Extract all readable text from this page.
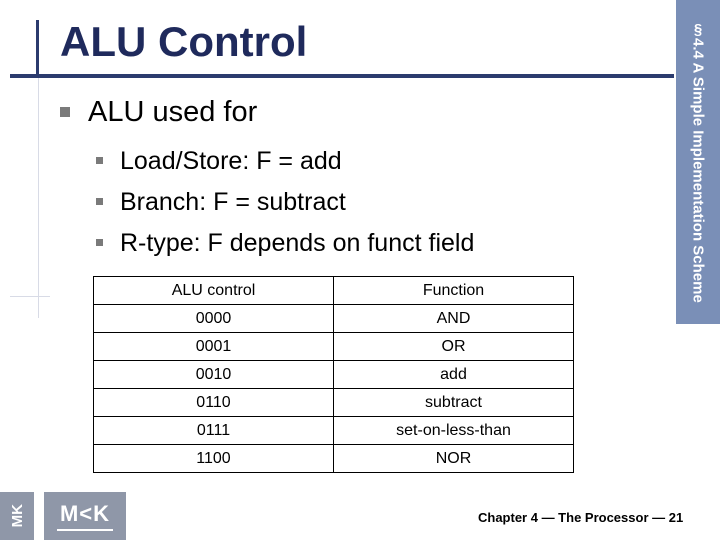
ALU Control	§4.4 A Simple Implementation Scheme
ALU used for
Load/Store: F = add
Branch: F = subtract
R-type: F depends on funct field
ALU control	Function
0000	AND
0001	OR
0010	add
0110	subtract
0111	set-on-less-than
1100	NOR
MK M<K	Chapter 4 — The Processor — 21
